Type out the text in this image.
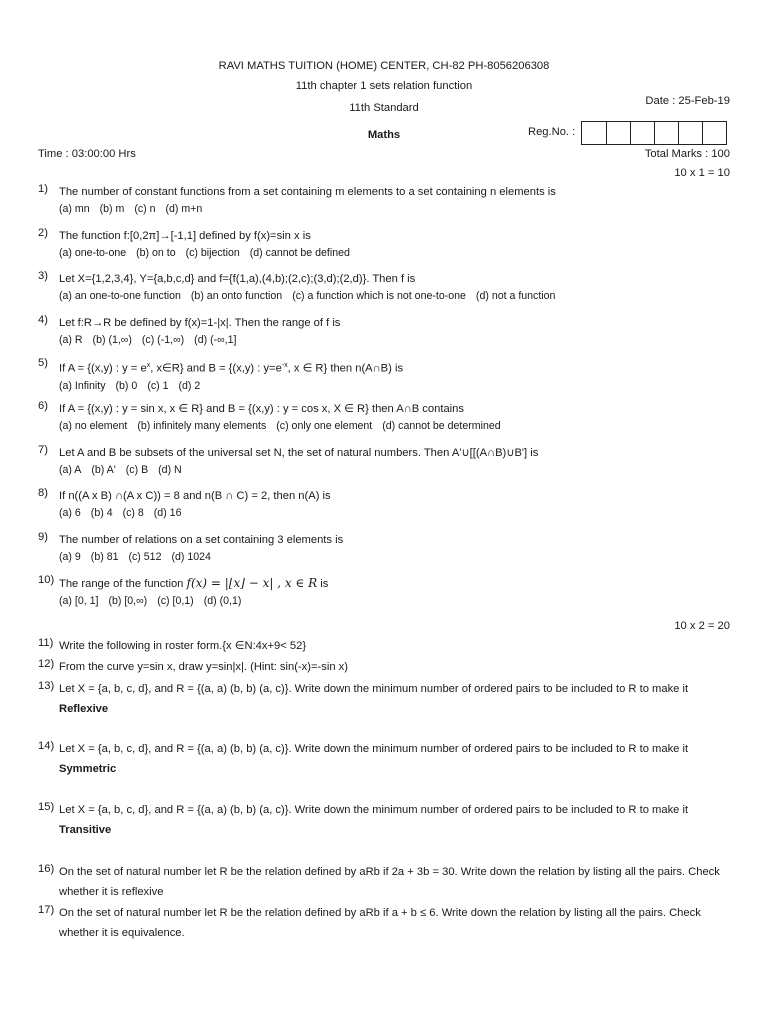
RAVI MATHS TUITION (HOME) CENTER, CH-82 PH-8056206308
11th chapter 1 sets relation function
11th Standard
Maths
Date : 25-Feb-19
Reg.No. :
Time : 03:00:00 Hrs	Total Marks : 100
10 x 1 = 10
1) The number of constant functions from a set containing m elements to a set containing n elements is
(a) mn (b) m (c) n (d) m+n
2) The function f:[0,2π]→[-1,1] defined by f(x)=sin x is
(a) one-to-one (b) on to (c) bijection (d) cannot be defined
3) Let X={1,2,3,4}, Y={a,b,c,d} and f={f(1,a),(4,b);(2,c);(3,d);(2,d)}. Then f is
(a) an one-to-one function (b) an onto function (c) a function which is not one-to-one (d) not a function
4) Let f:R→R be defined by f(x)=1-|x|. Then the range of f is
(a) R (b) (1,∞) (c) (-1,∞) (d) (-∞,1]
5) If A = {(x,y) : $y = e^x$, x∈R} and B = {(x,y) : $y=e^{-x}$, x ∈ R} then n(A∩B) is
(a) Infinity (b) 0 (c) 1 (d) 2
6) If A = {(x,y) : y = sin x, x ∈ R} and B = {(x,y) : y = cos x, X ∈ R} then A∩B contains
(a) no element (b) infinitely many elements (c) only one element (d) cannot be determined
7) Let A and B be subsets of the universal set N, the set of natural numbers. Then A'∪[[(A∩B)∪B'] is
(a) A (b) A' (c) B (d) N
8) If n((A x B) ∩(A x C)) = 8 and n(B ∩ C) = 2, then n(A) is
(a) 6 (b) 4 (c) 8 (d) 16
9) The number of relations on a set containing 3 elements is
(a) 9 (b) 81 (c) 512 (d) 1024
10) The range of the function f(x) = |⌊x⌋ − x| , x ∈ R is
(a) [0, 1] (b) [0,∞) (c) [0,1) (d) (0,1)
10 x 2 = 20
11) Write the following in roster form.{x ∈N:4x+9< 52}
12) From the curve y=sin x, draw y=sin|x|. (Hint: sin(-x)=-sin x)
13) Let X = {a, b, c, d}, and R = {(a, a) (b, b) (a, c)}. Write down the minimum number of ordered pairs to be included to R to make it
Reflexive
14) Let X = {a, b, c, d}, and R = {(a, a) (b, b) (a, c)}. Write down the minimum number of ordered pairs to be included to R to make it
Symmetric
15) Let X = {a, b, c, d}, and R = {(a, a) (b, b) (a, c)}. Write down the minimum number of ordered pairs to be included to R to make it
Transitive
16) On the set of natural number let R be the relation defined by aRb if 2a + 3b = 30. Write down the relation by listing all the pairs. Check whether it is reflexive
17) On the set of natural number let R be the relation defined by aRb if a + b ≤ 6. Write down the relation by listing all the pairs. Check whether it is equivalence.
